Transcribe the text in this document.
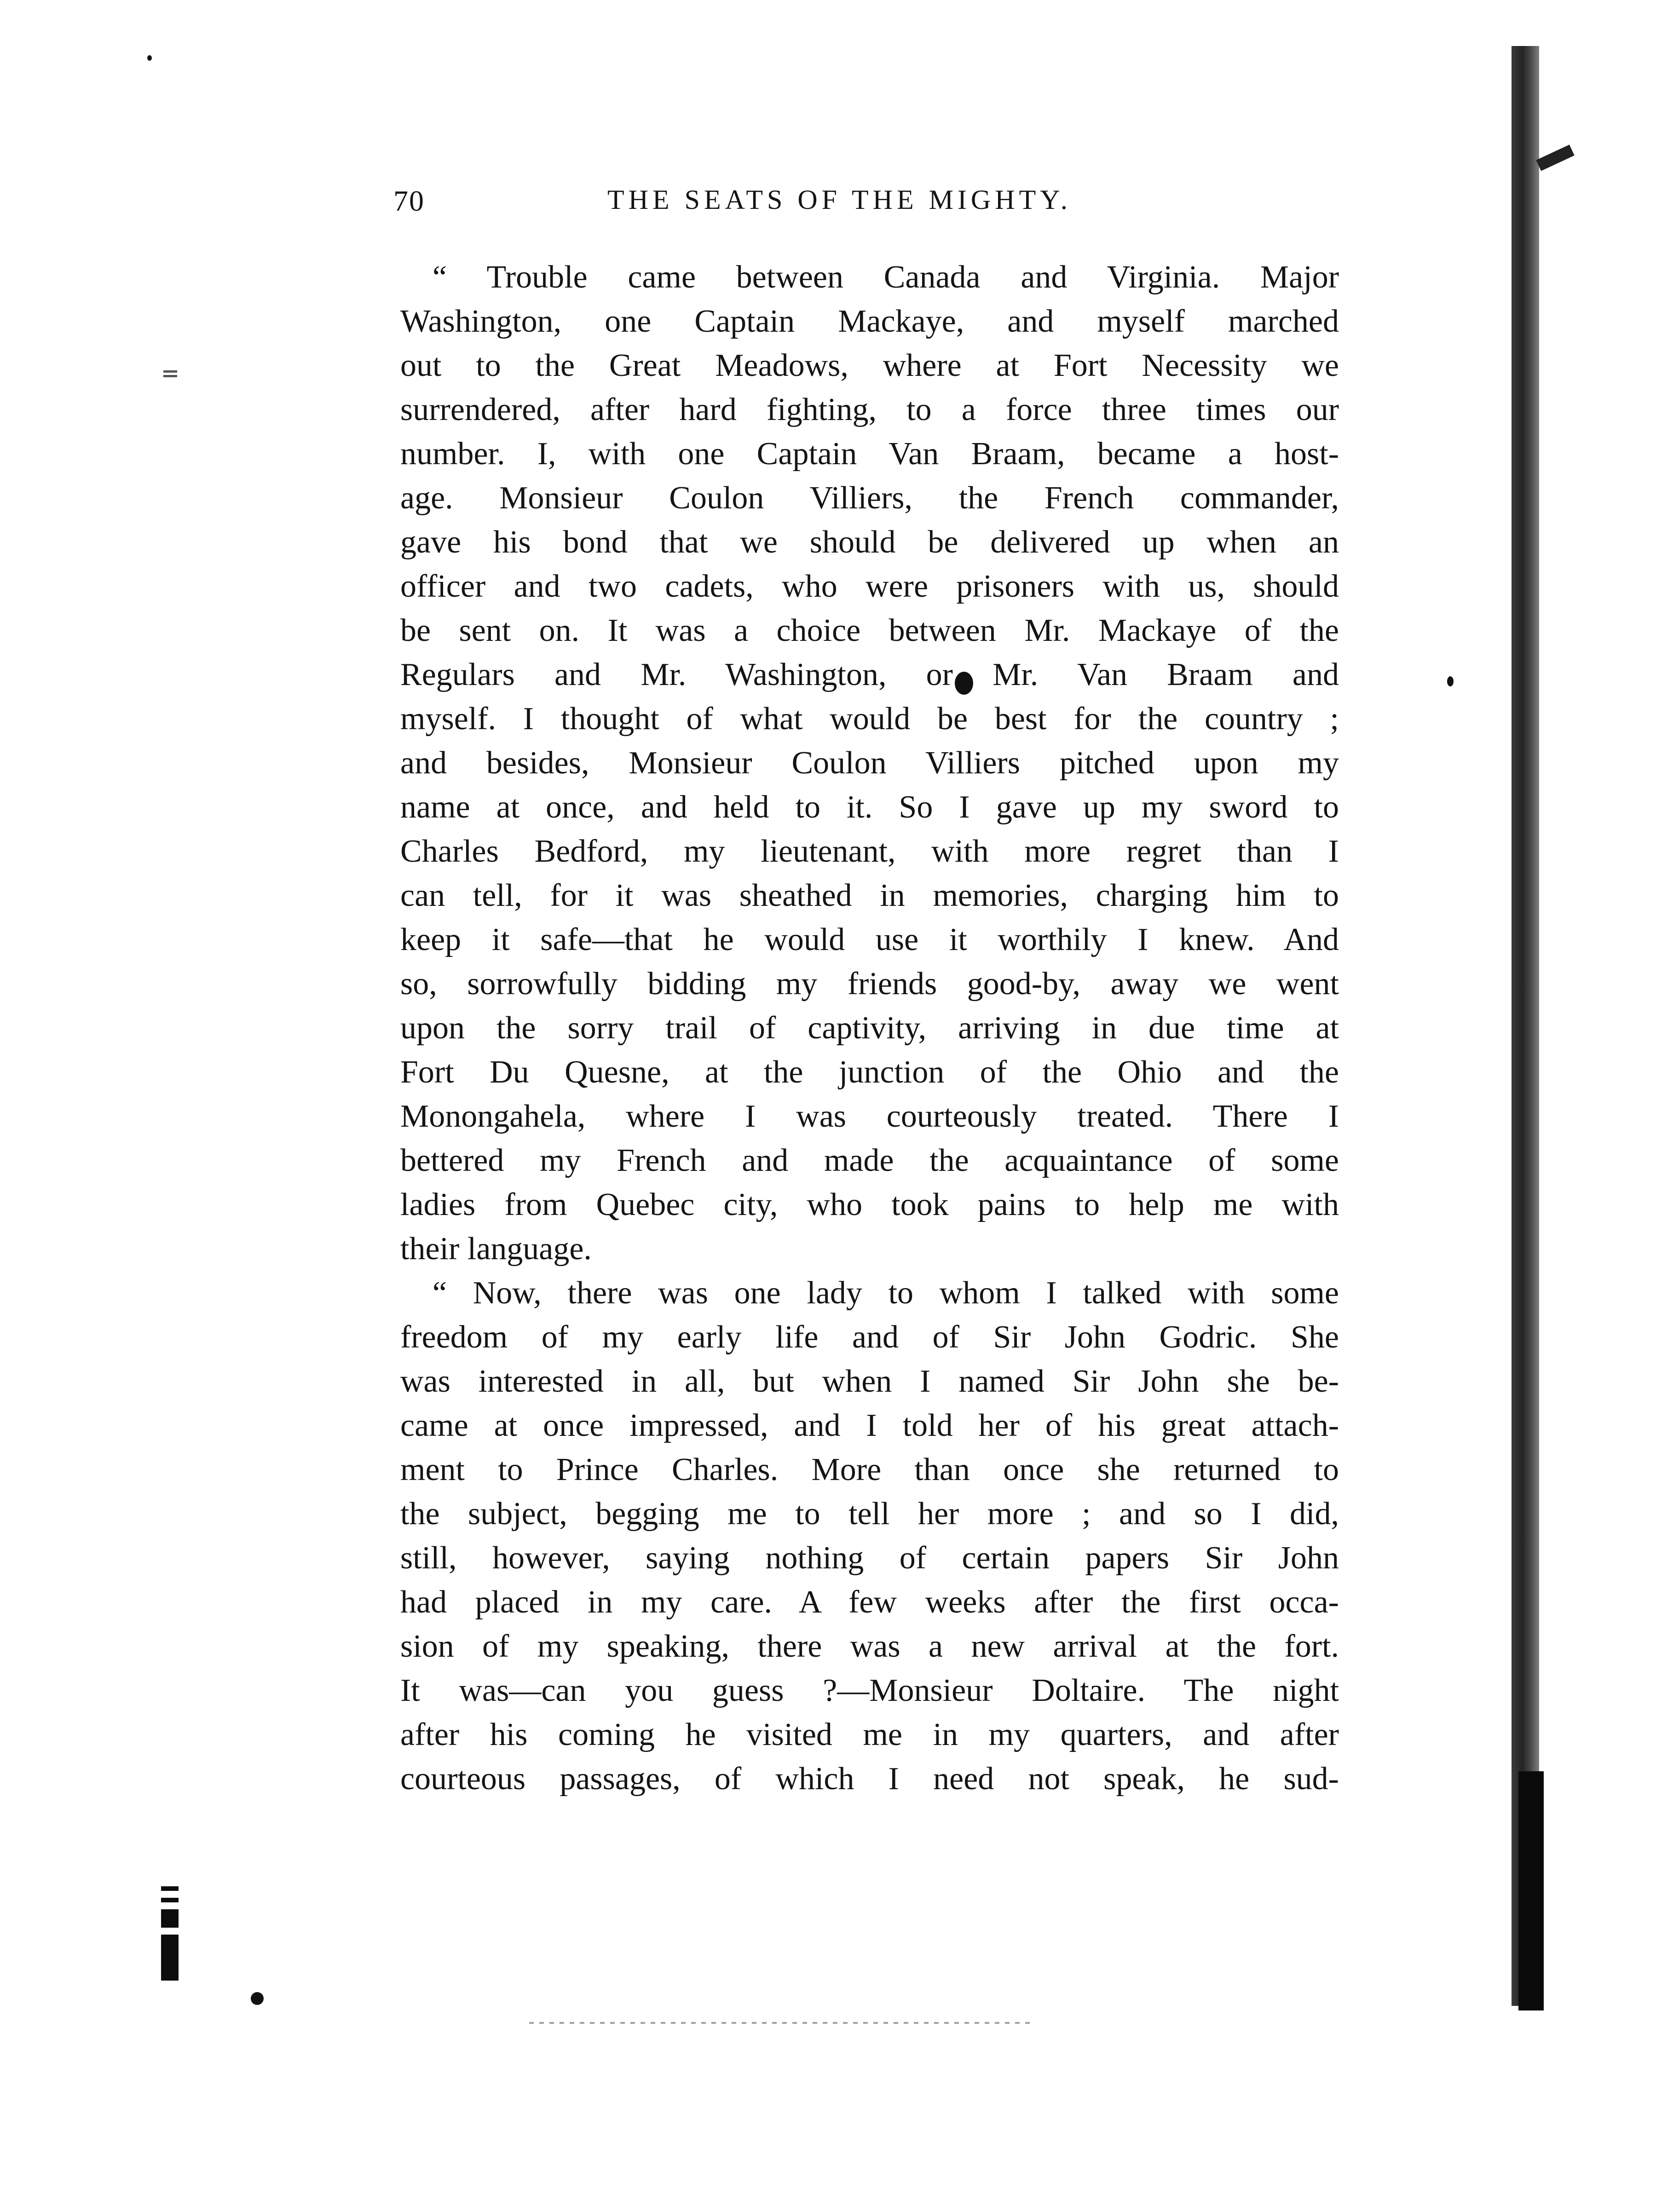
70	THE SEATS OF THE MIGHTY.
“ Trouble came between Canada and Virginia. Major
Washington, one Captain Mackaye, and myself marched
out to the Great Meadows, where at Fort Necessity we
surrendered, after hard fighting, to a force three times our
number. I, with one Captain Van Braam, became a host-
age. Monsieur Coulon Villiers, the French commander,
gave his bond that we should be delivered up when an
officer and two cadets, who were prisoners with us, should
be sent on. It was a choice between Mr. Mackaye of the
Regulars and Mr. Washington, or Mr. Van Braam and
myself. I thought of what would be best for the country ;
and besides, Monsieur Coulon Villiers pitched upon my
name at once, and held to it. So I gave up my sword to
Charles Bedford, my lieutenant, with more regret than I
can tell, for it was sheathed in memories, charging him to
keep it safe—that he would use it worthily I knew. And
so, sorrowfully bidding my friends good-by, away we went
upon the sorry trail of captivity, arriving in due time at
Fort Du Quesne, at the junction of the Ohio and the
Monongahela, where I was courteously treated. There I
bettered my French and made the acquaintance of some
ladies from Quebec city, who took pains to help me with
their language.
“ Now, there was one lady to whom I talked with some
freedom of my early life and of Sir John Godric. She
was interested in all, but when I named Sir John she be-
came at once impressed, and I told her of his great attach-
ment to Prince Charles. More than once she returned to
the subject, begging me to tell her more ; and so I did,
still, however, saying nothing of certain papers Sir John
had placed in my care. A few weeks after the first occa-
sion of my speaking, there was a new arrival at the fort.
It was—can you guess ?—Monsieur Doltaire. The night
after his coming he visited me in my quarters, and after
courteous passages, of which I need not speak, he sud-
